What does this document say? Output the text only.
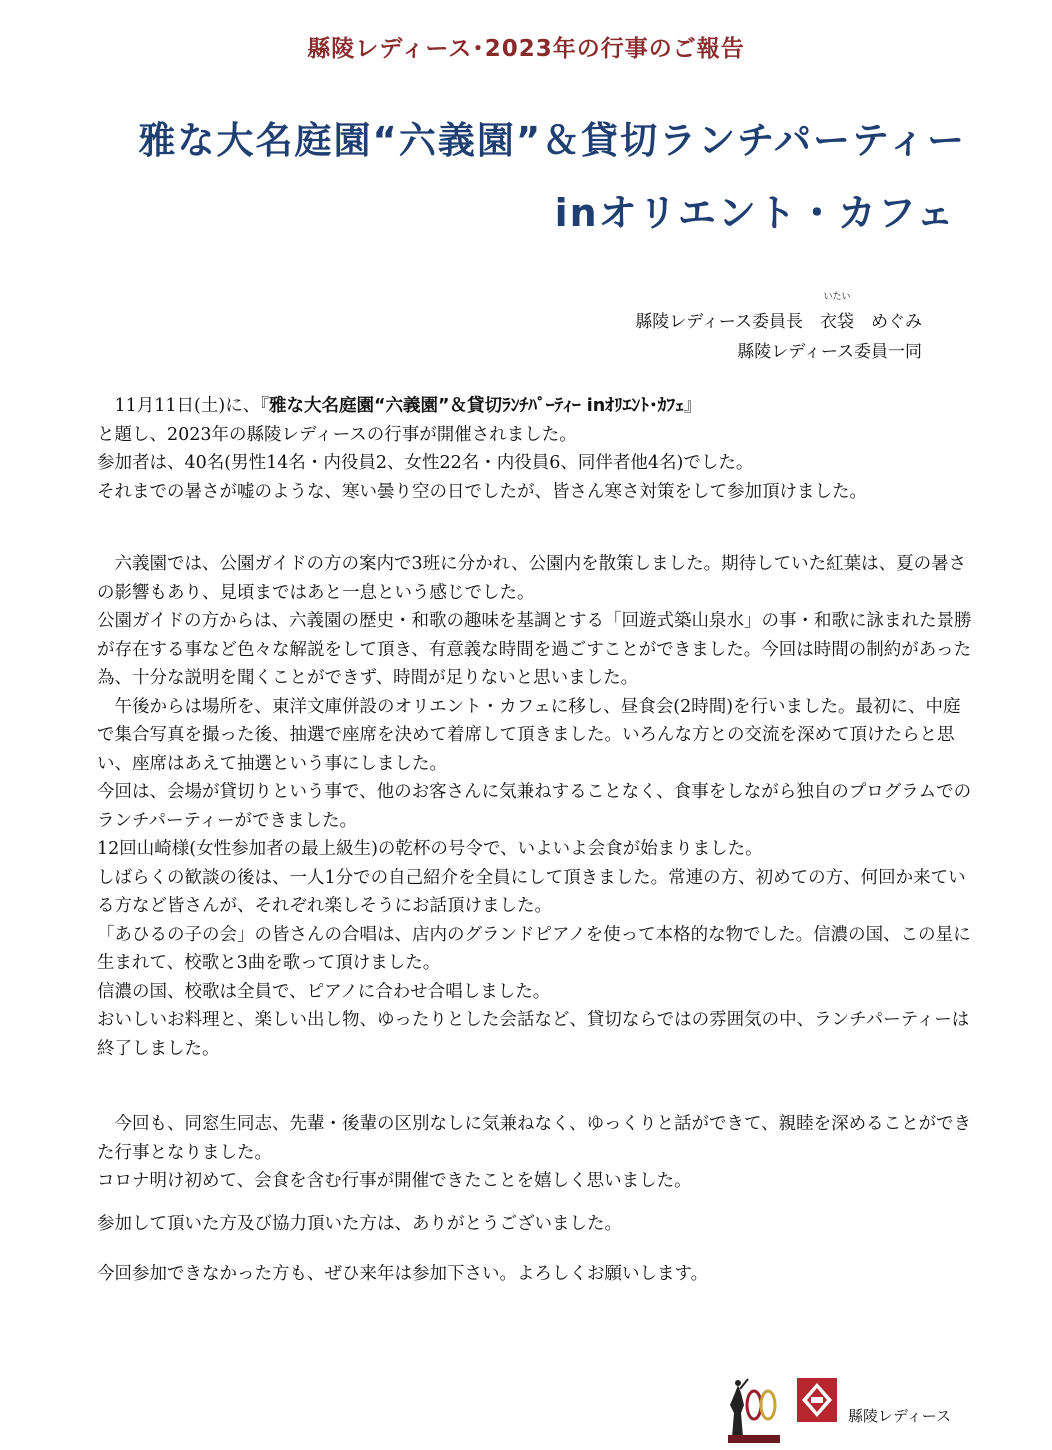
縣陵レディース･2023年の行事のご報告
雅な大名庭園“六義園”＆貸切ランチパーティー
inオリエント・カフェ
縣陵レディース委員長　
いたい
衣袋　めぐみ
縣陵レディース委員一同

　11月11日(土)に、『雅な大名庭園“六義園”＆貸切ﾗﾝﾁﾊﾟｰﾃｨｰ inｵﾘｴﾝﾄ･ｶﾌｪ』

と題し、2023年の縣陵レディースの行事が開催されました。
参加者は、40名(男性14名・内役員2、女性22名・内役員6、同伴者他4名)でした。
それまでの暑さが嘘のような、寒い曇り空の日でしたが、皆さん寒さ対策をして参加頂けました。

　六義園では、公園ガイドの方の案内で3班に分かれ、公園内を散策しました。期待していた紅葉は、夏の暑さの影響もあり、見頃まではあと一息という感じでした。
公園ガイドの方からは、六義園の歴史・和歌の趣味を基調とする「回遊式築山泉水」の事・和歌に詠まれた景勝が存在する事など色々な解説をして頂き、有意義な時間を過ごすことができました。今回は時間の制約があった為、十分な説明を聞くことができず、時間が足りないと思いました。
　午後からは場所を、東洋文庫併設のオリエント・カフェに移し、昼食会(2時間)を行いました。最初に、中庭で集合写真を撮った後、抽選で座席を決めて着席して頂きました。いろんな方との交流を深めて頂けたらと思い、座席はあえて抽選という事にしました。
今回は、会場が貸切りという事で、他のお客さんに気兼ねすることなく、食事をしながら独自のプログラムでのランチパーティーができました。
12回山崎様(女性参加者の最上級生)の乾杯の号令で、いよいよ会食が始まりました。
しばらくの歓談の後は、一人1分での自己紹介を全員にして頂きました。常連の方、初めての方、何回か来ている方など皆さんが、それぞれ楽しそうにお話頂けました。
「あひるの子の会」の皆さんの合唱は、店内のグランドピアノを使って本格的な物でした。信濃の国、この星に生まれて、校歌と3曲を歌って頂けました。
信濃の国、校歌は全員で、ピアノに合わせ合唱しました。
おいしいお料理と、楽しい出し物、ゆったりとした会話など、貸切ならではの雰囲気の中、ランチパーティーは終了しました。

　今回も、同窓生同志、先輩・後輩の区別なしに気兼ねなく、ゆっくりと話ができて、親睦を深めることができた行事となりました。
コロナ明け初めて、会食を含む行事が開催できたことを嬉しく思いました。

参加して頂いた方及び協力頂いた方は、ありがとうございました。
今回参加できなかった方も、ぜひ来年は参加下さい。よろしくお願いします。
縣陵レディース
